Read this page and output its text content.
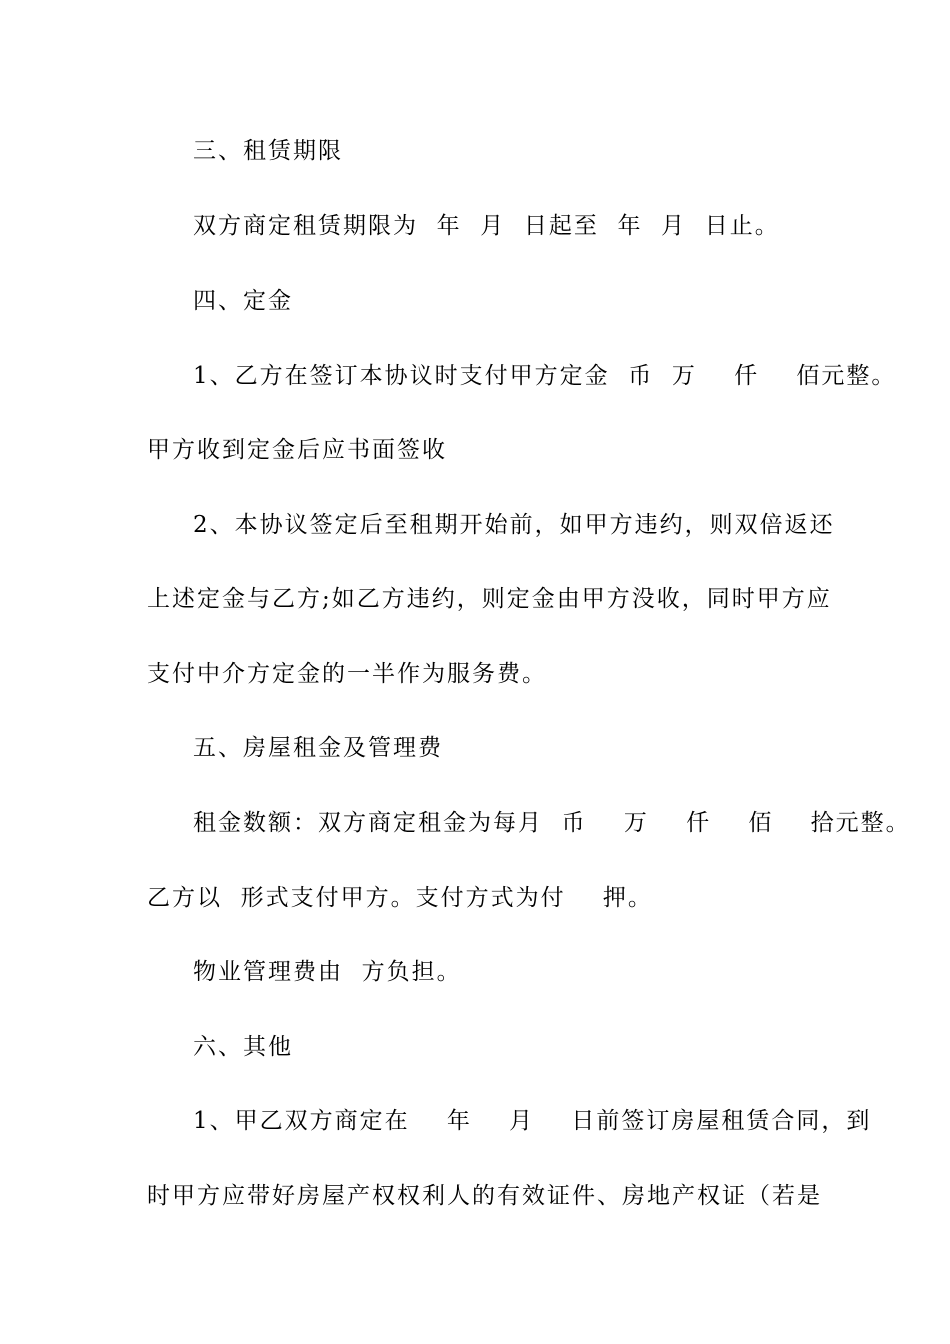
三、租赁期限
双方商定租赁期限为  年  月  日起至  年  月  日止。
四、定金
1、乙方在签订本协议时支付甲方定金  币  万    仟    佰元整。
甲方收到定金后应书面签收
2、本协议签定后至租期开始前，如甲方违约，则双倍返还
上述定金与乙方;如乙方违约，则定金由甲方没收，同时甲方应
支付中介方定金的一半作为服务费。
五、房屋租金及管理费
租金数额：双方商定租金为每月  币    万    仟    佰    拾元整。
乙方以  形式支付甲方。支付方式为付    押。
物业管理费由  方负担。
六、其他
1、甲乙双方商定在    年    月    日前签订房屋租赁合同，到
时甲方应带好房屋产权权利人的有效证件、房地产权证（若是
